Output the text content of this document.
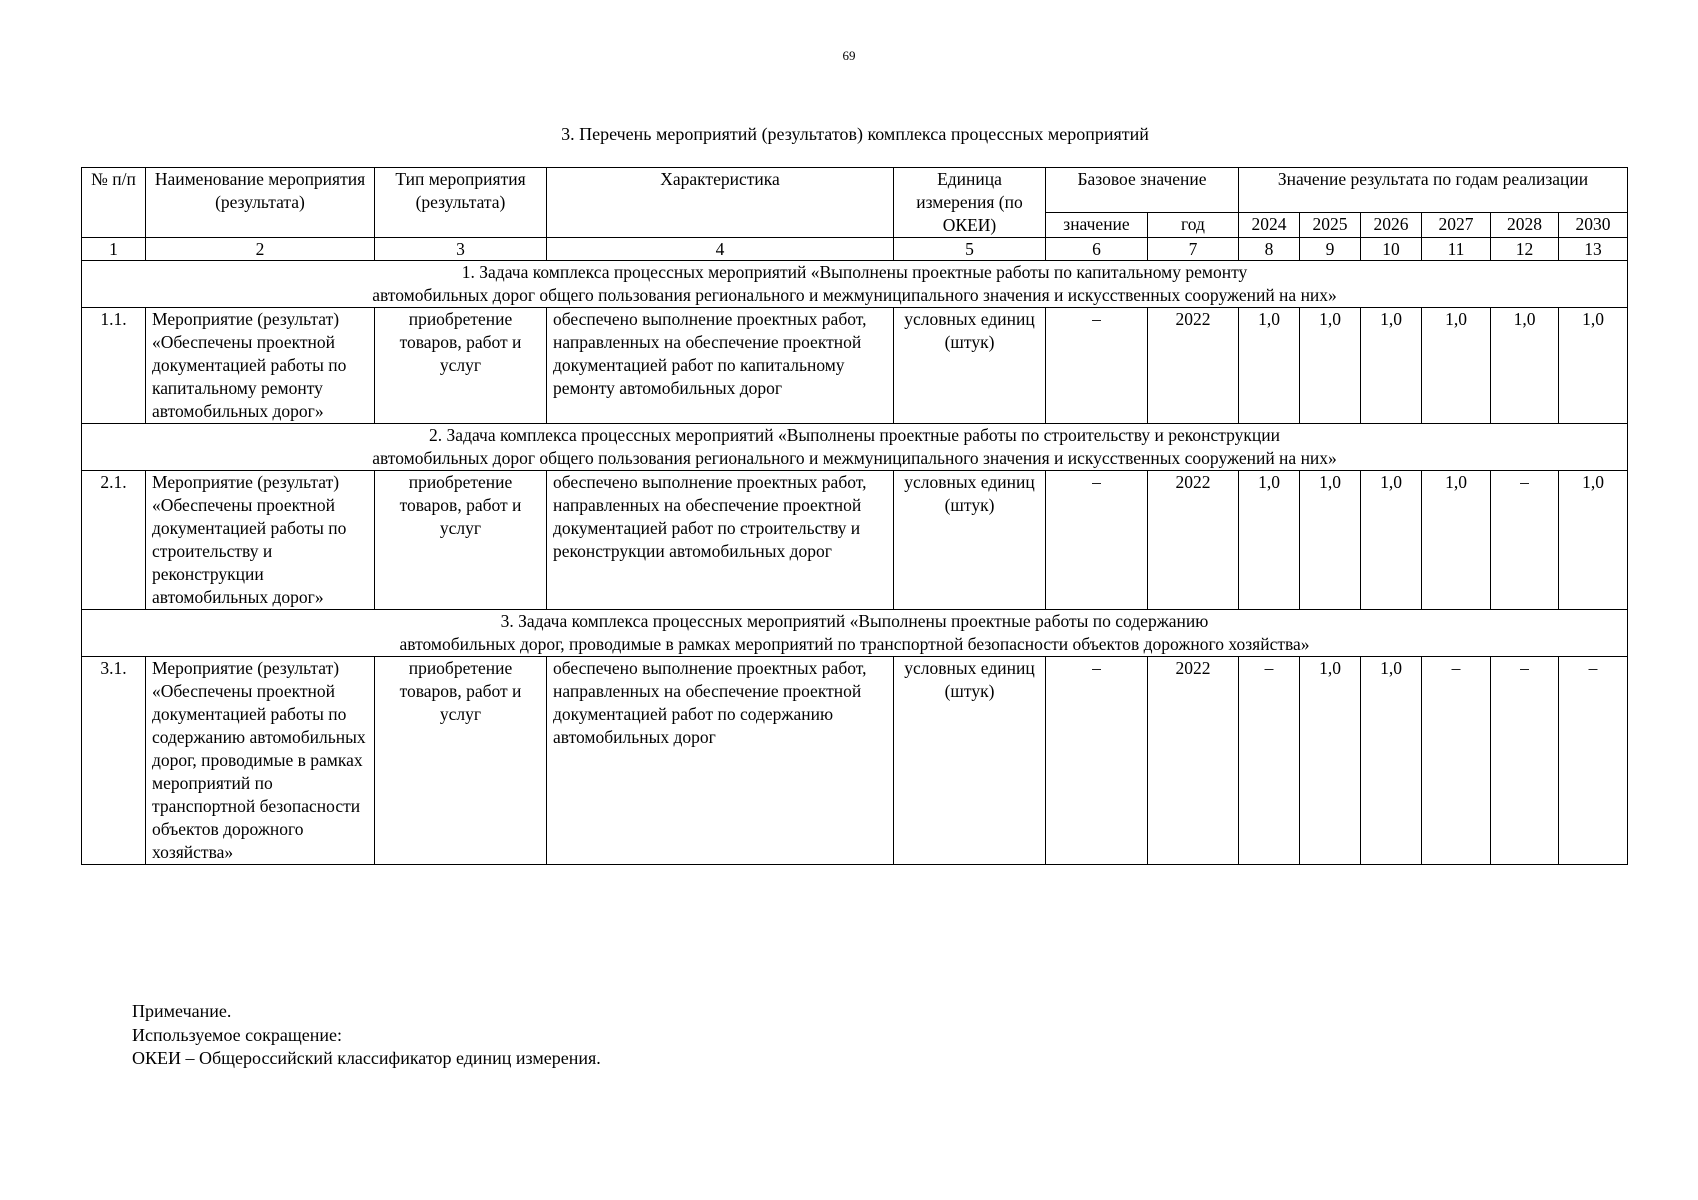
69
3. Перечень мероприятий (результатов) комплекса процессных мероприятий
№ п/п	Наименование мероприятия (результата)	Тип мероприятия (результата)	Характеристика	Единица измерения (по ОКЕИ)	Базовое значение		Значение результата по годам реализации					
					значение	год	2024	2025	2026	2027	2028	2030
1	2	3	4	5	6	7	8	9	10	11	12	13

1. Задача комплекса процессных мероприятий «Выполнены проектные работы по капитальному ремонту
автомобильных дорог общего пользования регионального и межмуниципального значения и искусственных сооружений на них»												

1.1.	Мероприятие (результат) «Обеспечены проектной документацией работы по капитальному ремонту автомобильных дорог»	приобретение товаров, работ и услуг	обеспечено выполнение проектных работ, направленных на обеспечение проектной документацией работ по капитальному ремонту автомобильных дорог	условных единиц (штук)	–	2022	1,0	1,0	1,0	1,0	1,0	1,0

2. Задача комплекса процессных мероприятий «Выполнены проектные работы по строительству и реконструкции
автомобильных дорог общего пользования регионального и межмуниципального значения и искусственных сооружений на них»												

2.1.	Мероприятие (результат) «Обеспечены проектной документацией работы по строительству и реконструкции автомобильных дорог»	приобретение товаров, работ и услуг	обеспечено выполнение проектных работ, направленных на обеспечение проектной документацией работ по строительству и реконструкции автомобильных дорог	условных единиц (штук)	–	2022	1,0	1,0	1,0	1,0	–	1,0

3. Задача комплекса процессных мероприятий «Выполнены проектные работы по содержанию
автомобильных дорог, проводимые в рамках мероприятий по транспортной безопасности объектов дорожного хозяйства»												

3.1.	Мероприятие (результат) «Обеспечены проектной документацией работы по содержанию автомобильных дорог, проводимые в рамках мероприятий по транспортной безопасности объектов дорожного хозяйства»	приобретение товаров, работ и услуг	обеспечено выполнение проектных работ, направленных на обеспечение проектной документацией работ по содержанию автомобильных дорог	условных единиц (штук)	–	2022	–	1,0	1,0	–	–	–
Примечание.
Используемое сокращение:
ОКЕИ – Общероссийский классификатор единиц измерения.
